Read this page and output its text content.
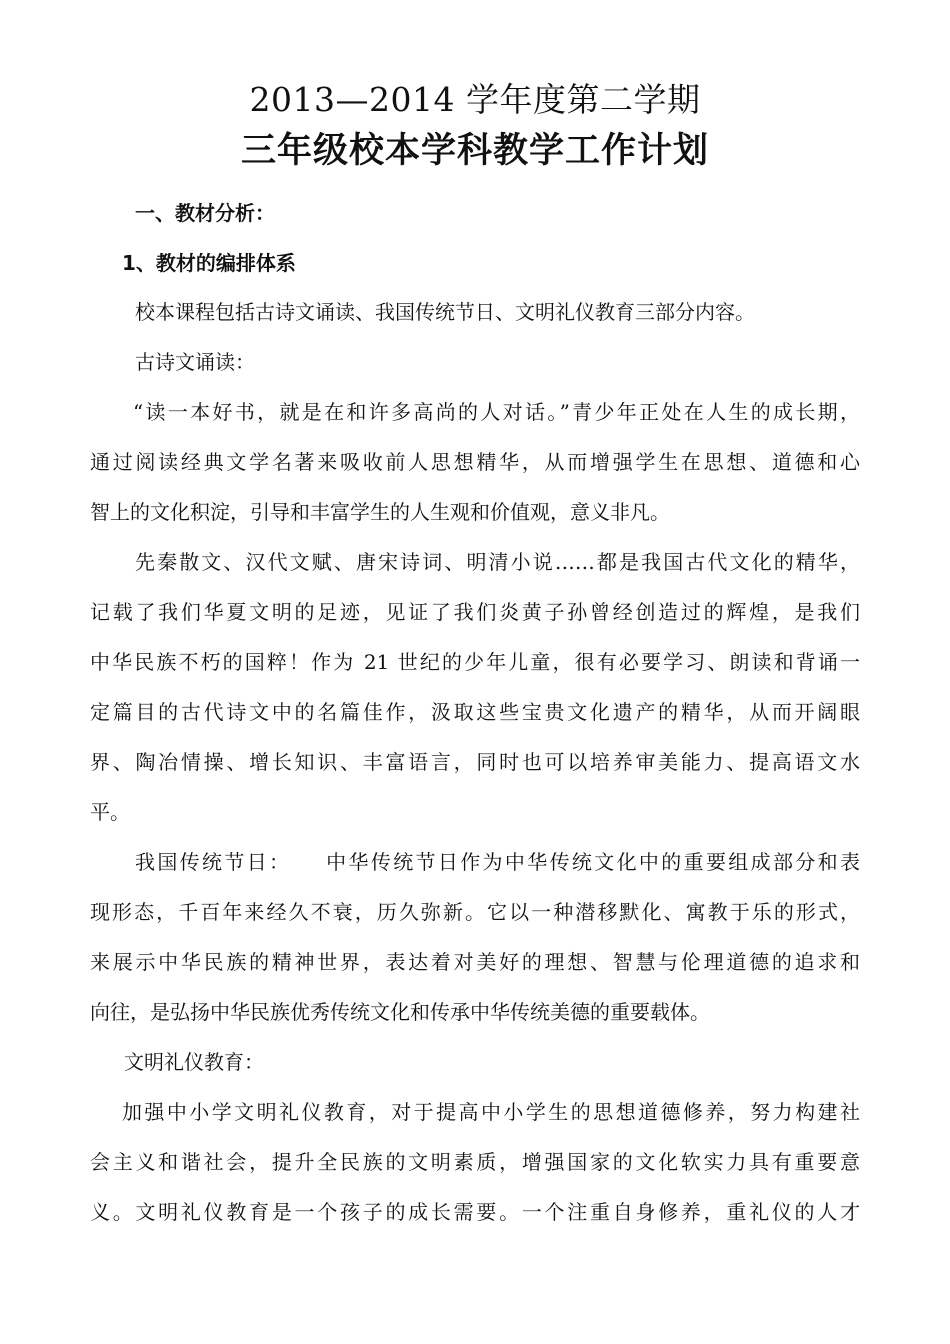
2013—2014 学年度第二学期
三年级校本学科教学工作计划
一、教材分析：
1、教材的编排体系
校本课程包括古诗文诵读、我国传统节日、文明礼仪教育三部分内容。
古诗文诵读：
“读一本好书，就是在和许多高尚的人对话。”青少年正处在人生的成长期，
通过阅读经典文学名著来吸收前人思想精华，从而增强学生在思想、道德和心
智上的文化积淀，引导和丰富学生的人生观和价值观，意义非凡。
先秦散文、汉代文赋、唐宋诗词、明清小说……都是我国古代文化的精华，
记载了我们华夏文明的足迹，见证了我们炎黄子孙曾经创造过的辉煌，是我们
中华民族不朽的国粹！作为 21 世纪的少年儿童，很有必要学习、朗读和背诵一
定篇目的古代诗文中的名篇佳作，汲取这些宝贵文化遗产的精华，从而开阔眼
界、陶冶情操、增长知识、丰富语言，同时也可以培养审美能力、提高语文水
平。
我国传统节日：    中华传统节日作为中华传统文化中的重要组成部分和表
现形态，千百年来经久不衰，历久弥新。它以一种潜移默化、寓教于乐的形式，
来展示中华民族的精神世界，表达着对美好的理想、智慧与伦理道德的追求和
向往，是弘扬中华民族优秀传统文化和传承中华传统美德的重要载体。
文明礼仪教育：
加强中小学文明礼仪教育，对于提高中小学生的思想道德修养，努力构建社
会主义和谐社会，提升全民族的文明素质，增强国家的文化软实力具有重要意
义。文明礼仪教育是一个孩子的成长需要。一个注重自身修养，重礼仪的人才
